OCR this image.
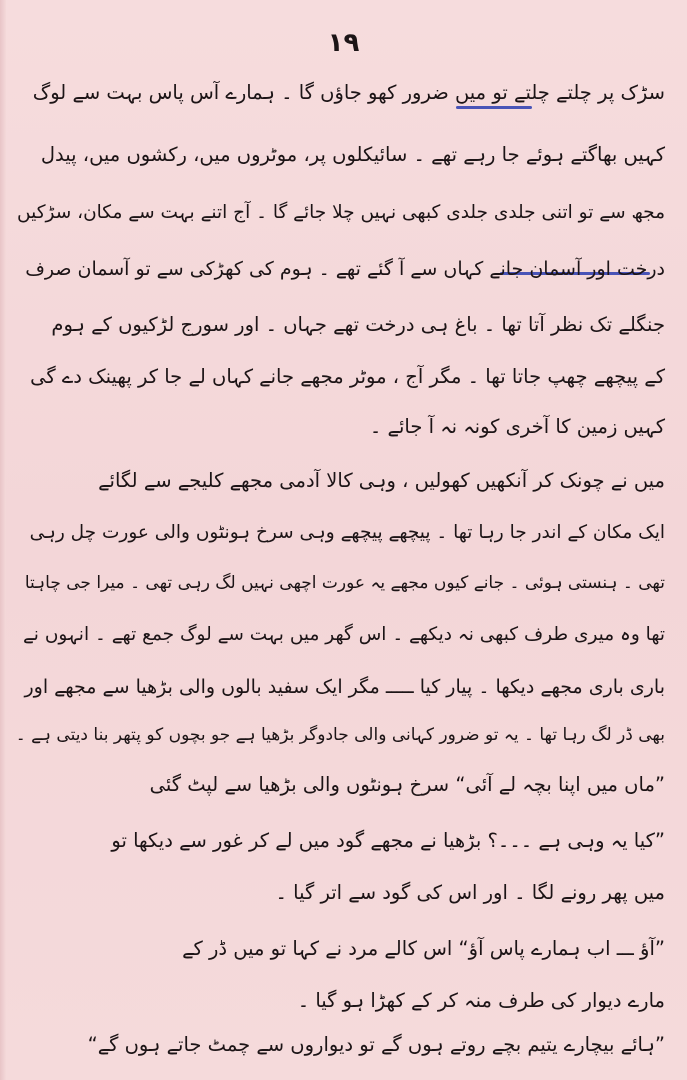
۱۹
سڑک پر چلتے چلتے تو میں ضرور کھو جاؤں گا ۔ ہمارے آس پاس بہت سے لوگ
کہیں بھاگتے ہوئے جا رہے تھے ۔ سائیکلوں پر، موٹروں میں، رکشوں میں، پیدل
مجھ سے تو اتنی جلدی جلدی کبھی نہیں چلا جائے گا ۔ آج اتنے بہت سے مکان، سڑکیں
درخت اور آسمان جانے کہاں سے آ گئے تھے ۔ ہوم کی کھڑکی سے تو آسمان صرف
جنگلے تک نظر آتا تھا ۔ باغ ہی درخت تھے جہاں ۔ اور سورج لڑکیوں کے ہوم
کے پیچھے چھپ جاتا تھا ۔ مگر آج ، موٹر مجھے جانے کہاں لے جا کر پھینک دے گی
کہیں زمین کا آخری کونہ نہ آ جائے ۔
میں نے چونک کر آنکھیں کھولیں ، وہی کالا آدمی مجھے کلیجے سے لگائے
ایک مکان کے اندر جا رہا تھا ۔ پیچھے پیچھے وہی سرخ ہونٹوں والی عورت چل رہی
تھی ۔ ہنستی ہوئی ۔ جانے کیوں مجھے یہ عورت اچھی نہیں لگ رہی تھی ۔ میرا جی چاہتا
تھا وہ میری طرف کبھی نہ دیکھے ۔ اس گھر میں بہت سے لوگ جمع تھے ۔ انہوں نے
باری باری مجھے دیکھا ۔ پیار کیا ـــــ مگر ایک سفید بالوں والی بڑھیا سے مجھے اور
بھی ڈر لگ رہا تھا ۔ یہ تو ضرور کہانی والی جادوگر بڑھیا ہے جو بچوں کو پتھر بنا دیتی ہے ۔
”ماں میں اپنا بچہ لے آئی“ سرخ ہونٹوں والی بڑھیا سے لپٹ گئی
”کیا یہ وہی ہے ۔۔۔؟ بڑھیا نے مجھے گود میں لے کر غور سے دیکھا تو
میں پھر رونے لگا ۔ اور اس کی گود سے اتر گیا ۔
”آؤ ـــ اب ہمارے پاس آؤ“ اس کالے مرد نے کہا تو میں ڈر کے
مارے دیوار کی طرف منہ کر کے کھڑا ہو گیا ۔
”ہائے بیچارے یتیم بچے روتے ہوں گے تو دیواروں سے چمٹ جاتے ہوں گے“
